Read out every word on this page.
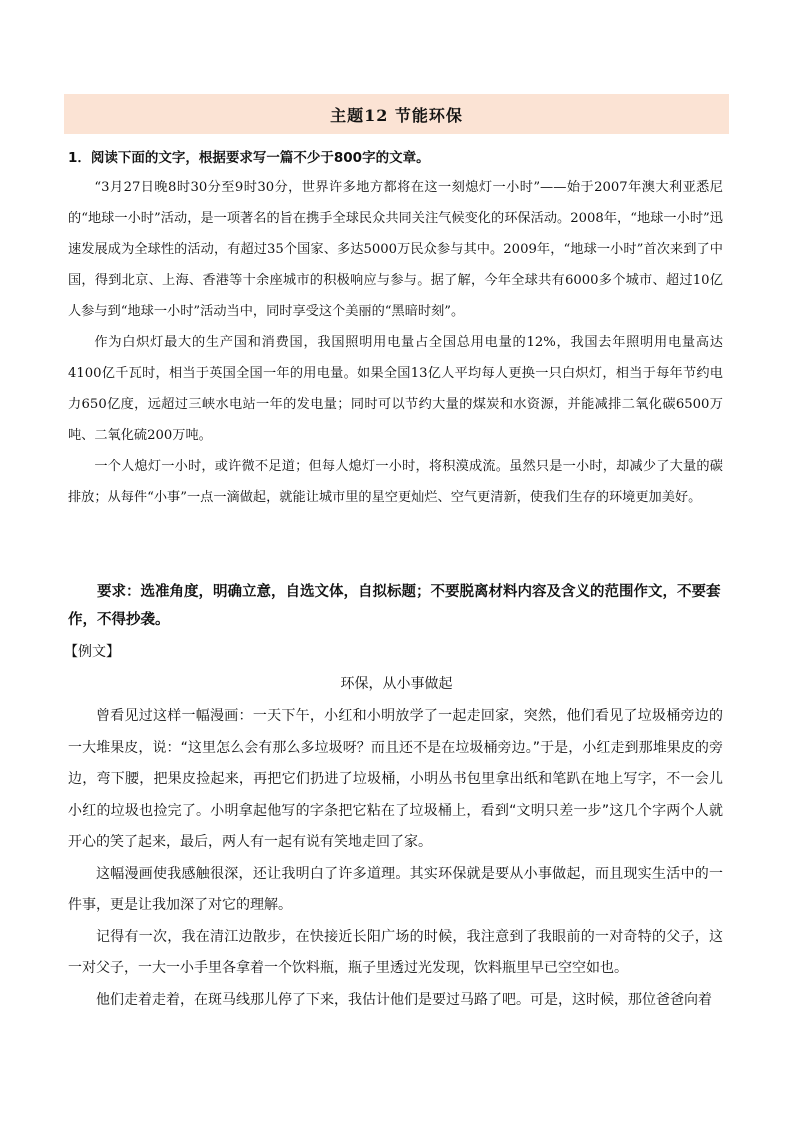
主题12 节能环保
1．阅读下面的文字，根据要求写一篇不少于800字的文章。

“3月27日晚8时30分至9时30分，世界许多地方都将在这一刻熄灯一小时”——始于2007年澳大利亚悉尼的“地球一小时”活动，是一项著名的旨在携手全球民众共同关注气候变化的环保活动。2008年，“地球一小时”迅速发展成为全球性的活动，有超过35个国家、多达5000万民众参与其中。2009年，“地球一小时”首次来到了中国，得到北京、上海、香港等十余座城市的积极响应与参与。据了解，今年全球共有6000多个城市、超过10亿人参与到“地球一小时”活动当中，同时享受这个美丽的“黑暗时刻”。

作为白炽灯最大的生产国和消费国，我国照明用电量占全国总用电量的12%，我国去年照明用电量高达4100亿千瓦时，相当于英国全国一年的用电量。如果全国13亿人平均每人更换一只白炽灯，相当于每年节约电力650亿度，远超过三峡水电站一年的发电量；同时可以节约大量的煤炭和水资源，并能减排二氧化碳6500万吨、二氧化硫200万吨。

一个人熄灯一小时，或许微不足道；但每人熄灯一小时，将积漠成流。虽然只是一小时，却减少了大量的碳排放；从每件“小事”一点一滴做起，就能让城市里的星空更灿烂、空气更清新，使我们生存的环境更加美好。

要求：选准角度，明确立意，自选文体，自拟标题；不要脱离材料内容及含义的范围作文，不要套作，不得抄袭。
【例文】
环保，从小事做起

曾看见过这样一幅漫画：一天下午，小红和小明放学了一起走回家，突然，他们看见了垃圾桶旁边的一大堆果皮，说：“这里怎么会有那么多垃圾呀？而且还不是在垃圾桶旁边。”于是，小红走到那堆果皮的旁边，弯下腰，把果皮捡起来，再把它们扔进了垃圾桶，小明丛书包里拿出纸和笔趴在地上写字，不一会儿小红的垃圾也捡完了。小明拿起他写的字条把它粘在了垃圾桶上，看到“文明只差一步”这几个字两个人就开心的笑了起来，最后，两人有一起有说有笑地走回了家。

这幅漫画使我感触很深，还让我明白了许多道理。其实环保就是要从小事做起，而且现实生活中的一件事，更是让我加深了对它的理解。

记得有一次，我在清江边散步，在快接近长阳广场的时候，我注意到了我眼前的一对奇特的父子，这一对父子，一大一小手里各拿着一个饮料瓶，瓶子里透过光发现，饮料瓶里早已空空如也。

他们走着走着，在斑马线那儿停了下来，我估计他们是要过马路了吧。可是，这时候，那位爸爸向着
